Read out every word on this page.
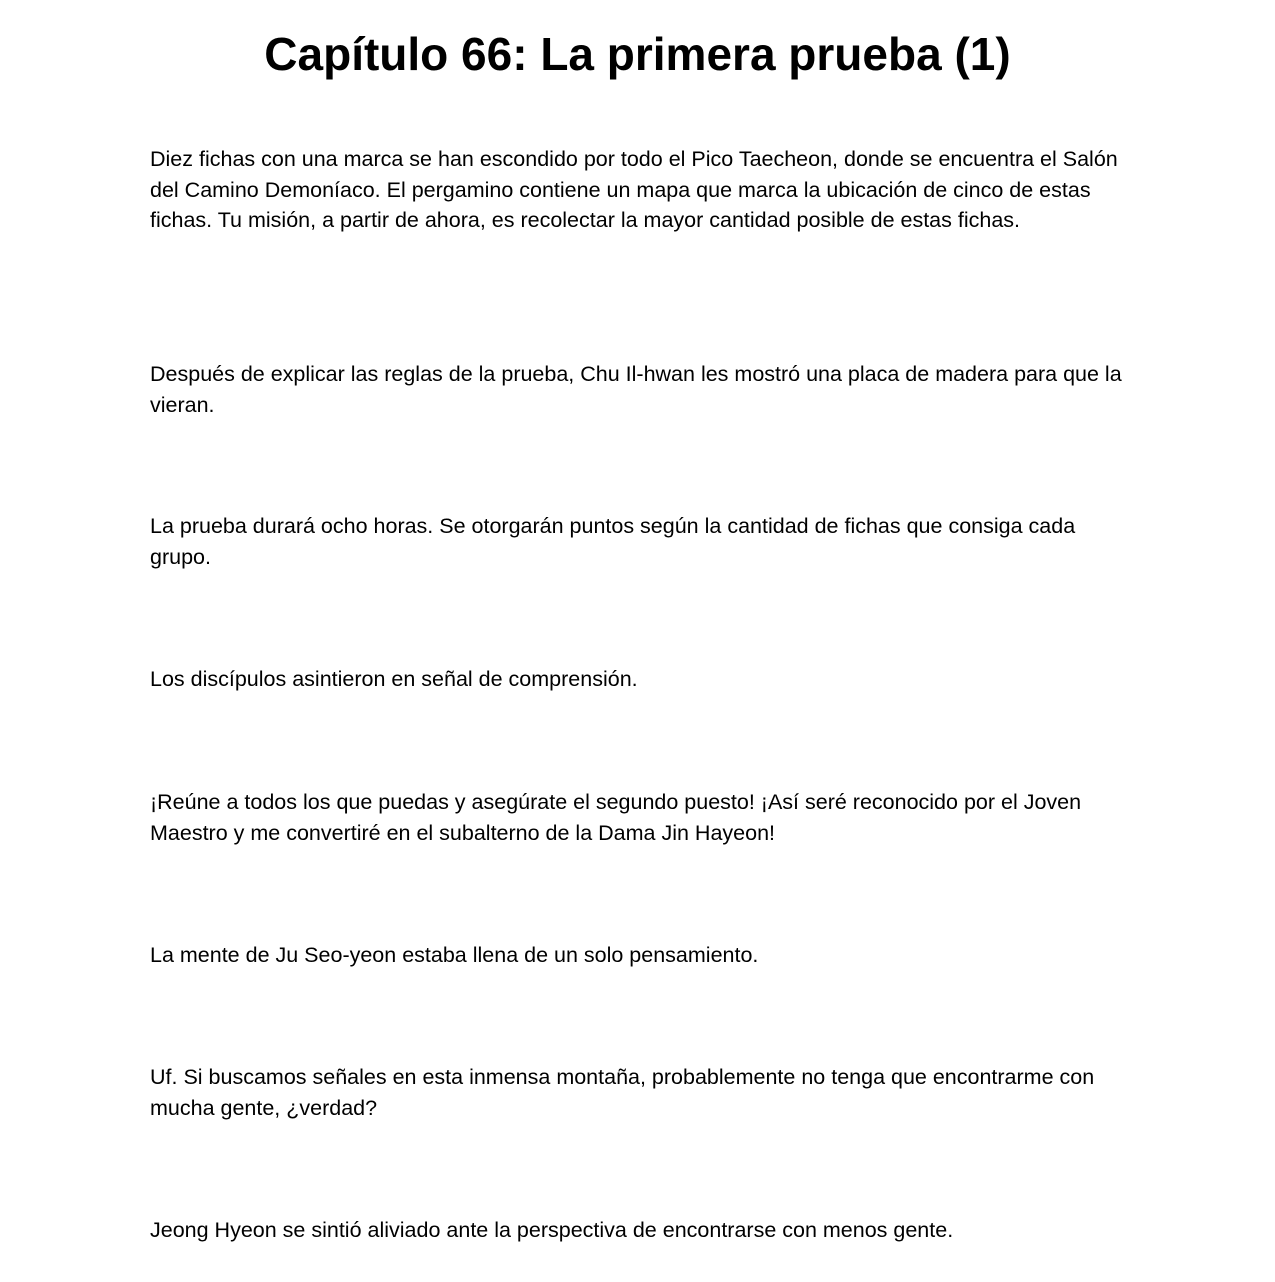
Capítulo 66: La primera prueba (1)

Diez fichas con una marca se han escondido por todo el Pico Taecheon, donde se encuentra el Salón del Camino Demoníaco. El pergamino contiene un mapa que marca la ubicación de cinco de estas fichas. Tu misión, a partir de ahora, es recolectar la mayor cantidad posible de estas fichas.

Después de explicar las reglas de la prueba, Chu Il-hwan les mostró una placa de madera para que la vieran.

La prueba durará ocho horas. Se otorgarán puntos según la cantidad de fichas que consiga cada grupo.

Los discípulos asintieron en señal de comprensión.

¡Reúne a todos los que puedas y asegúrate el segundo puesto! ¡Así seré reconocido por el Joven Maestro y me convertiré en el subalterno de la Dama Jin Hayeon!

La mente de Ju Seo-yeon estaba llena de un solo pensamiento.

Uf. Si buscamos señales en esta inmensa montaña, probablemente no tenga que encontrarme con mucha gente, ¿verdad?

Jeong Hyeon se sintió aliviado ante la perspectiva de encontrarse con menos gente.
